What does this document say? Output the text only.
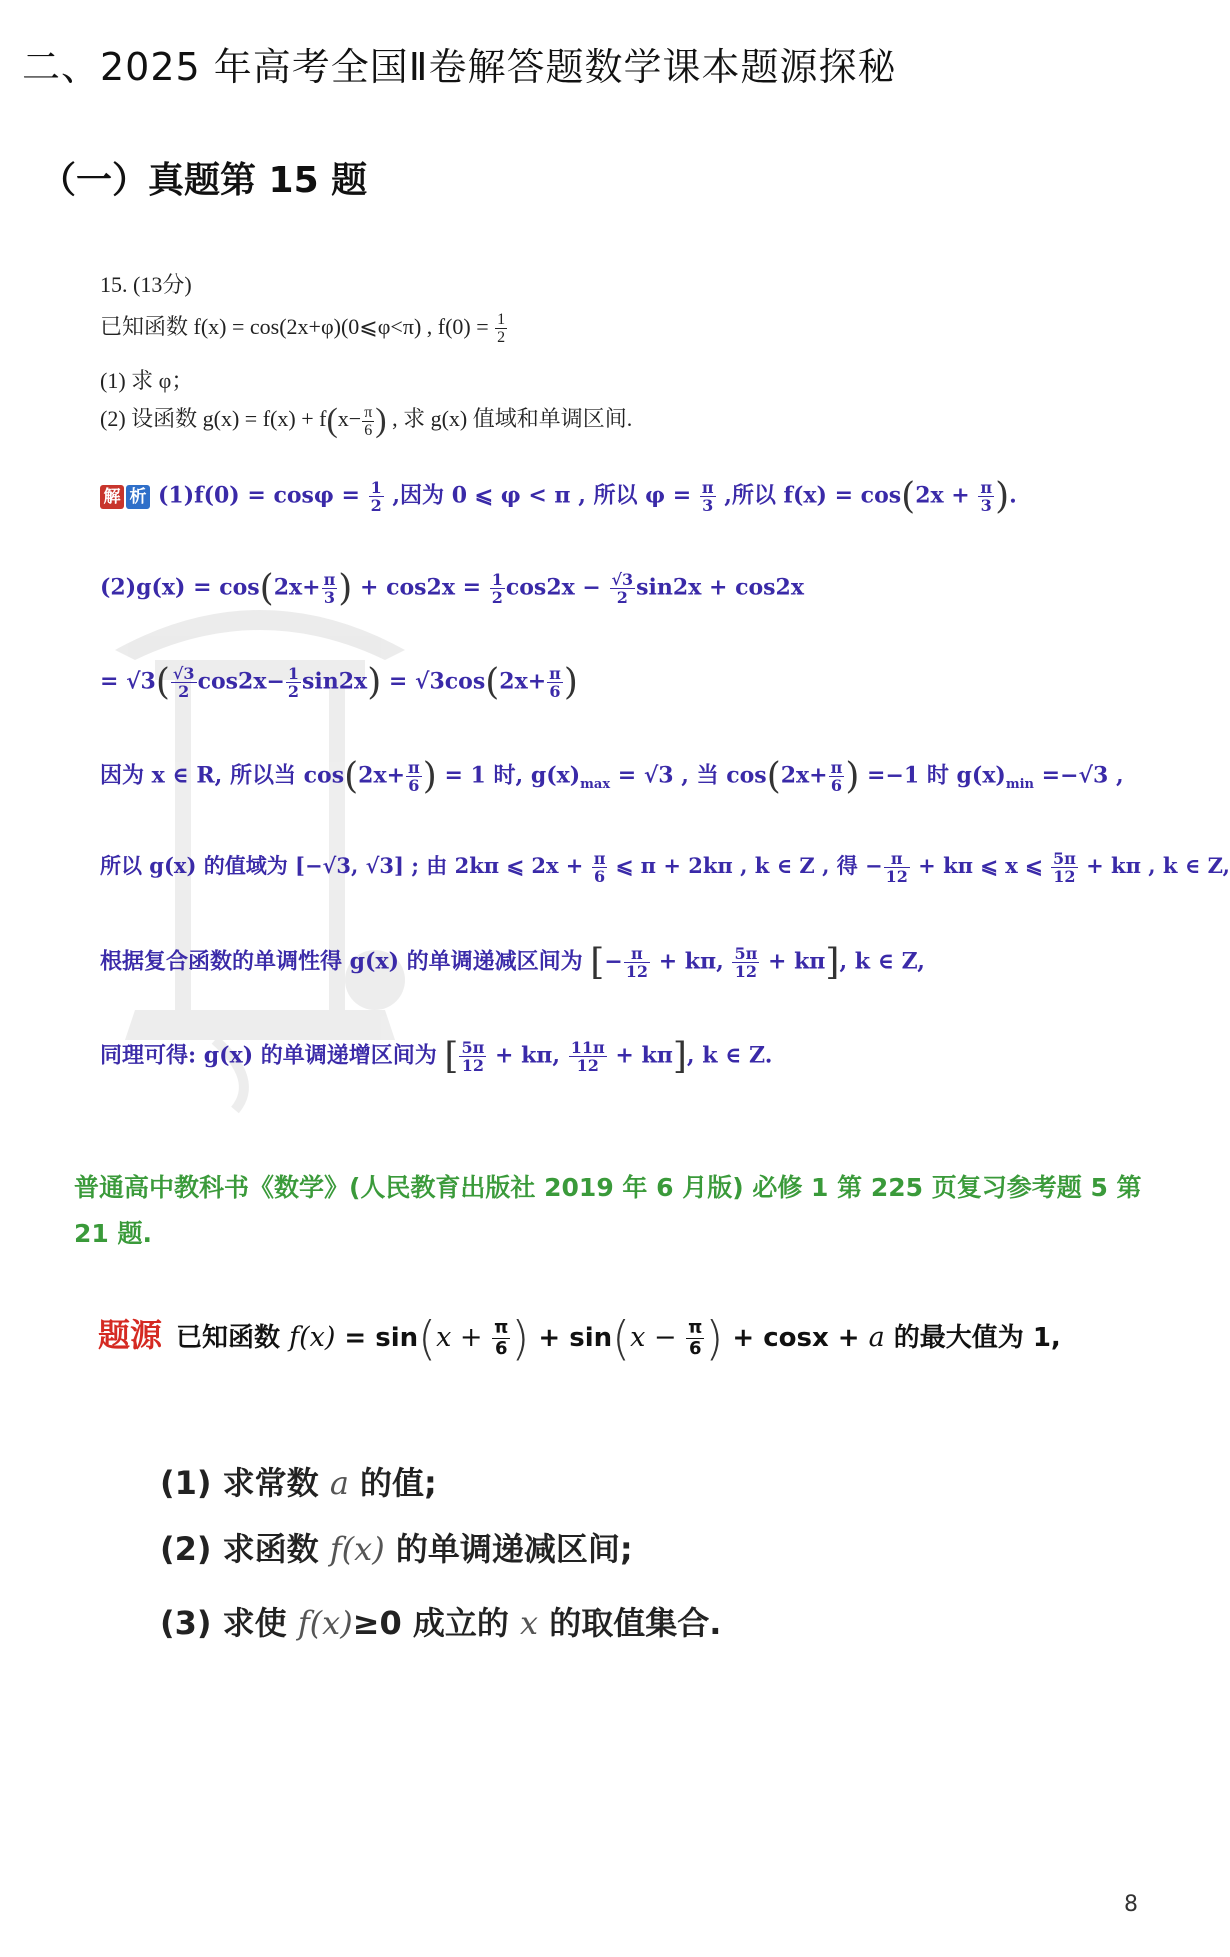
二、2025 年高考全国Ⅱ卷解答题数学课本题源探秘
（一）真题第 15 题
15. (13分)
已知函数 f(x) = cos(2x+φ)(0⩽φ<π) , $f(0) = \frac{1}{2}$
(1) 求 φ；
(2) 设函数 $g(x) = f(x) + f(x- \frac{\pi}{6}$ ) , 求 g(x) 值域和单调区间.
解 析 $(1)f(0) = \cos\varphi = \frac{1}{2}$ ,因为 0 ⩽ φ < π , 所以 $\varphi = \frac{\pi}{3}$ ,所以 $f(x) = \cos(2x + \frac{\pi}{3}$ ).
$(2)g(x) = \cos(2x+ \frac{\pi}{3}$ ) + $\cos 2x = \frac{1}{2} \cos 2x - \frac{√3}{2} \sin 2x + \cos 2x$
= $√3( \frac{√3}{2} \cos 2x- \frac{1}{2} \sin 2x) = √3\cos(2x+ \frac{\pi}{6}$ )
因为 x ∈ R, 所以当 $\cos(2x+ \frac{\pi}{6}$ ) = 1 时, $g(x)_{max} = √3$ , 当 $\cos(2x+ \frac{\pi}{6}$ ) =−1 时 $g(x)_{min} =-√3$ ,
所以 g(x) 的值域为 [−√3, √3] ; 由 2kπ ⩽ $2x + \frac{\pi}{6}$ ⩽ π + 2kπ , k ∈ Z , 得 − $\frac{\pi}{12} + k\pi$ ⩽ x ⩽ $\frac{5\pi}{12} + k\pi$ , k ∈ Z,
根据复合函数的单调性得 g(x) 的单调递减区间为 [− $\frac{\pi}{12} + k\pi$, $\frac{5\pi}{12} + k\pi$], k ∈ Z,
同理可得: g(x) 的单调递增区间为 [ $\frac{5\pi}{12} + k\pi$, $\frac{11\pi}{12} + k\pi$], k ∈ Z.
普通高中教科书《数学》(人民教育出版社 2019 年 6 月版) 必修 1 第 225 页复习参考题 5 第
21 题.
题源 已知函数 $f(x) = \sin(x + \frac{\pi}{6}$ ) + $\sin(x - \frac{\pi}{6}$ ) + cosx + a 的最大值为 1,
(1) 求常数 a 的值;
(2) 求函数 f(x) 的单调递减区间;
(3) 求使 f(x)≥0 成立的 x 的取值集合.
8
